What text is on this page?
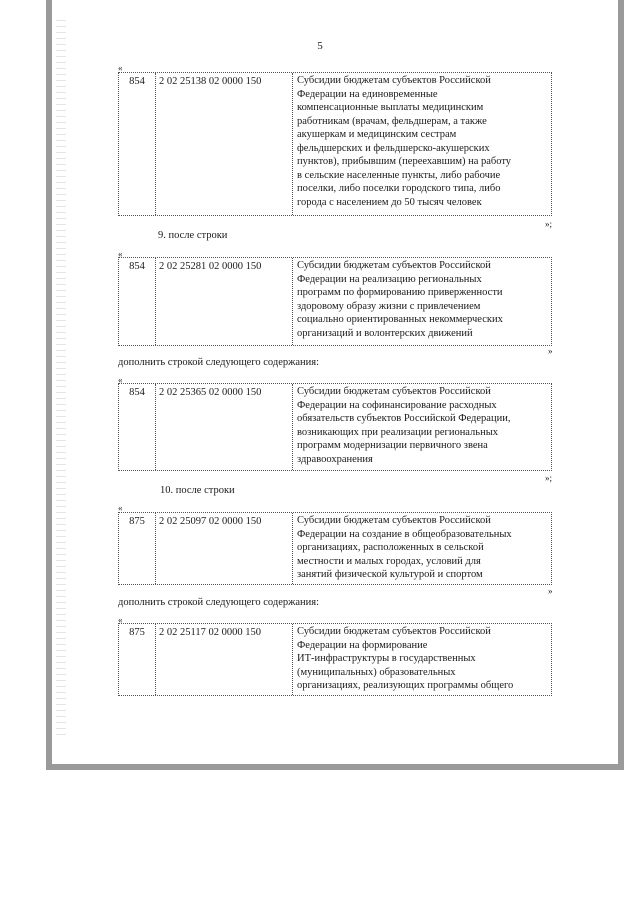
5
«
854	2 02 25138 02 0000 150	Субсидии бюджетам субъектов Российской
Федерации на единовременные
компенсационные выплаты медицинским
работникам (врачам, фельдшерам, а также
акушеркам и медицинским сестрам
фельдшерских и фельдшерско-акушерских
пунктов), прибывшим (переехавшим) на работу
в сельские населенные пункты, либо рабочие
поселки, либо поселки городского типа, либо
города с населением до 50 тысяч человек
»;
9. после строки
«
854	2 02 25281 02 0000 150	Субсидии бюджетам субъектов Российской
Федерации на реализацию региональных
программ по формированию приверженности
здоровому образу жизни с привлечением
социально ориентированных некоммерческих
организаций и волонтерских движений
»
дополнить строкой следующего содержания:
«
854	2 02 25365 02 0000 150	Субсидии бюджетам субъектов Российской
Федерации на софинансирование расходных
обязательств субъектов Российской Федерации,
возникающих при реализации региональных
программ модернизации первичного звена
здравоохранения
»;
10. после строки
«
875	2 02 25097 02 0000 150	Субсидии бюджетам субъектов Российской
Федерации на создание в общеобразовательных
организациях, расположенных в сельской
местности и малых городах, условий для
занятий физической культурой и спортом
»
дополнить строкой следующего содержания:
«
875	2 02 25117 02 0000 150	Субсидии бюджетам субъектов Российской
Федерации на формирование
ИТ-инфраструктуры в государственных
(муниципальных) образовательных
организациях, реализующих программы общего
